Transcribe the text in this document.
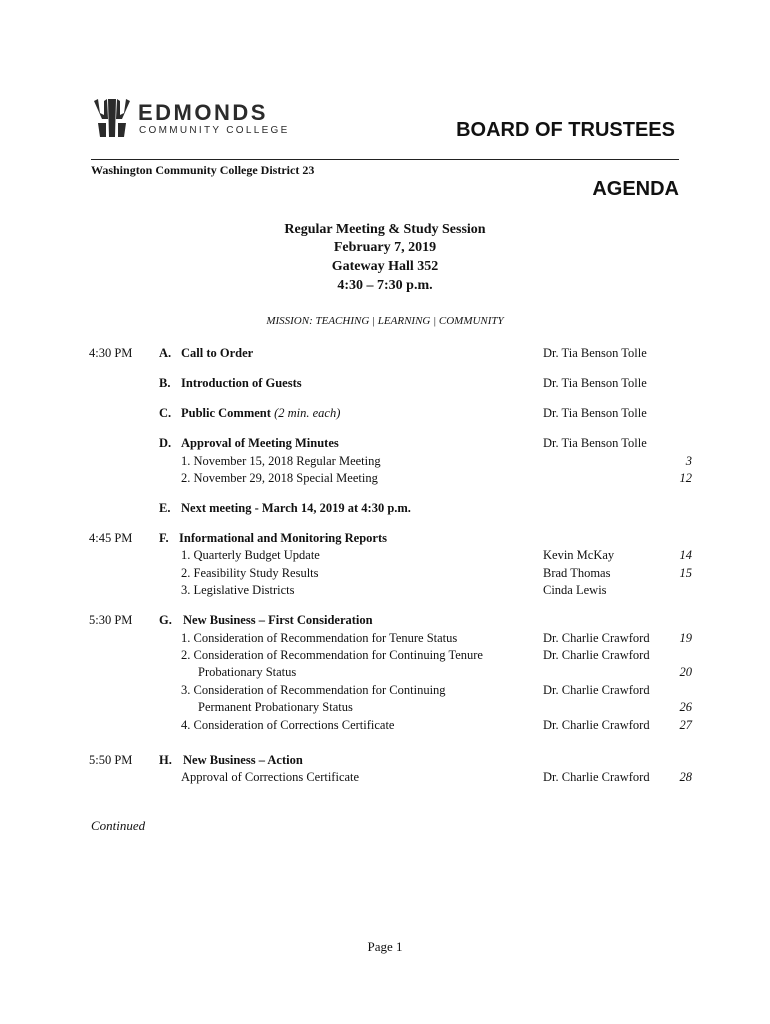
EDMONDS
COMMUNITY COLLEGE	BOARD OF TRUSTEES
Washington Community College District 23
AGENDA
Regular Meeting & Study Session
February 7, 2019
Gateway Hall 352
4:30 – 7:30 p.m.
MISSION: TEACHING | LEARNING | COMMUNITY
4:30 PM A. Call to Order	Dr. Tia Benson Tolle
B. Introduction of Guests	Dr. Tia Benson Tolle
C. Public Comment (2 min. each)	Dr. Tia Benson Tolle
D. Approval of Meeting Minutes	Dr. Tia Benson Tolle
1. November 15, 2018 Regular Meeting	3
2. November 29, 2018 Special Meeting	12
E. Next meeting - March 14, 2019 at 4:30 p.m.
4:45 PM F. Informational and Monitoring Reports
1. Quarterly Budget Update	Kevin McKay	14
2. Feasibility Study Results	Brad Thomas	15
3. Legislative Districts	Cinda Lewis
5:30 PM G. New Business – First Consideration
1. Consideration of Recommendation for Tenure Status	Dr. Charlie Crawford	19
2. Consideration of Recommendation for Continuing Tenure	Dr. Charlie Crawford
Probationary Status	20
3. Consideration of Recommendation for Continuing	Dr. Charlie Crawford
Permanent Probationary Status	26
4. Consideration of Corrections Certificate	Dr. Charlie Crawford	27
5:50 PM H. New Business – Action
Approval of Corrections Certificate	Dr. Charlie Crawford	28
Continued
Page 1
